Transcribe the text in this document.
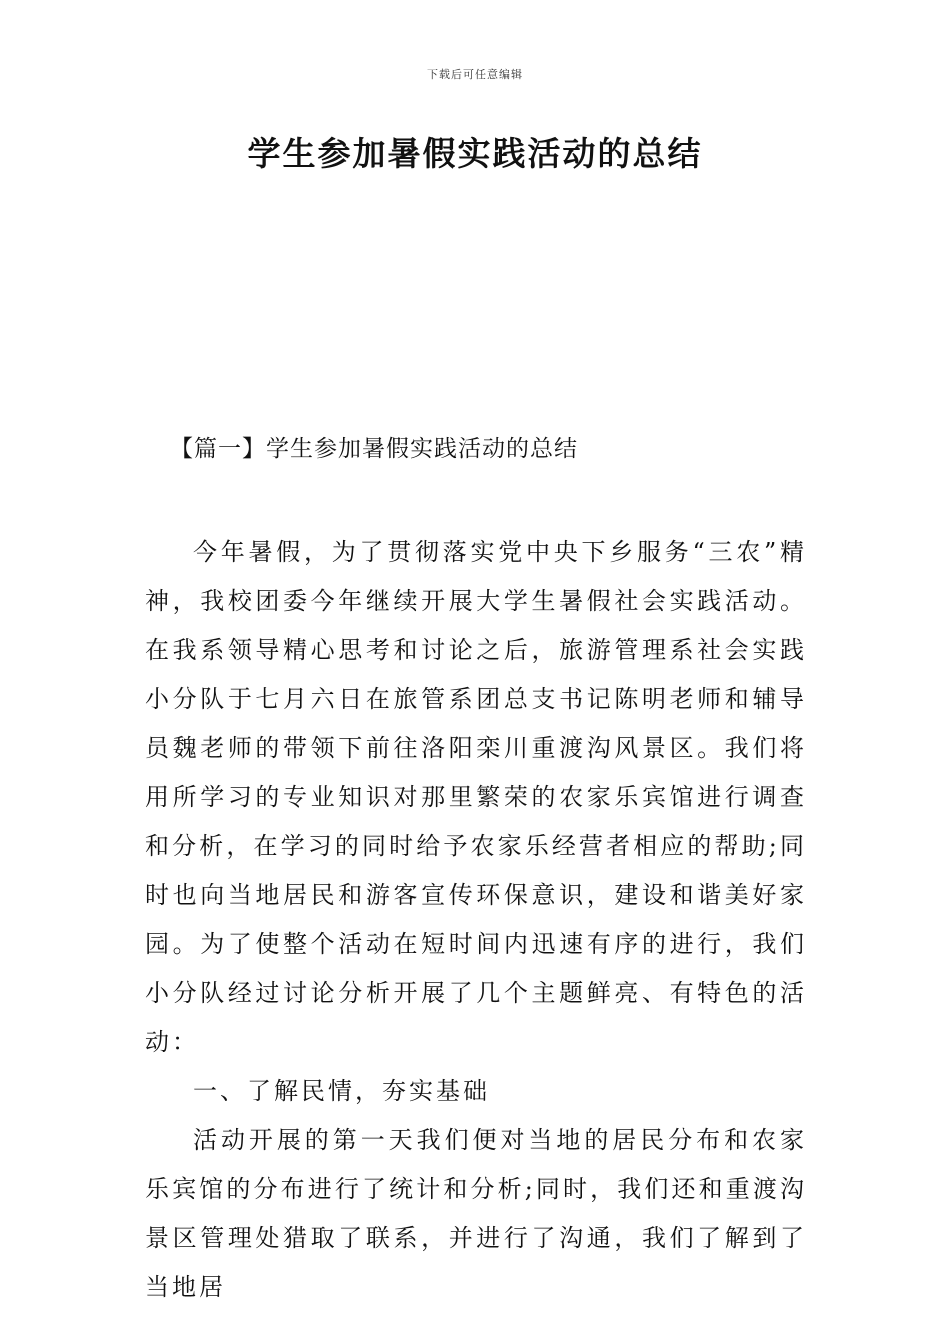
下载后可任意编辑
学生参加暑假实践活动的总结
【篇一】学生参加暑假实践活动的总结

今年暑假，为了贯彻落实党中央下乡服务“三农”精神，我校团委今年继续开展大学生暑假社会实践活动。在我系领导精心思考和讨论之后，旅游管理系社会实践小分队于七月六日在旅管系团总支书记陈明老师和辅导员魏老师的带领下前往洛阳栾川重渡沟风景区。我们将用所学习的专业知识对那里繁荣的农家乐宾馆进行调查和分析，在学习的同时给予农家乐经营者相应的帮助;同时也向当地居民和游客宣传环保意识，建设和谐美好家园。为了使整个活动在短时间内迅速有序的进行，我们小分队经过讨论分析开展了几个主题鲜亮、有特色的活动：

一、了解民情，夯实基础

活动开展的第一天我们便对当地的居民分布和农家乐宾馆的分布进行了统计和分析;同时，我们还和重渡沟景区管理处猎取了联系，并进行了沟通，我们了解到了当地居
